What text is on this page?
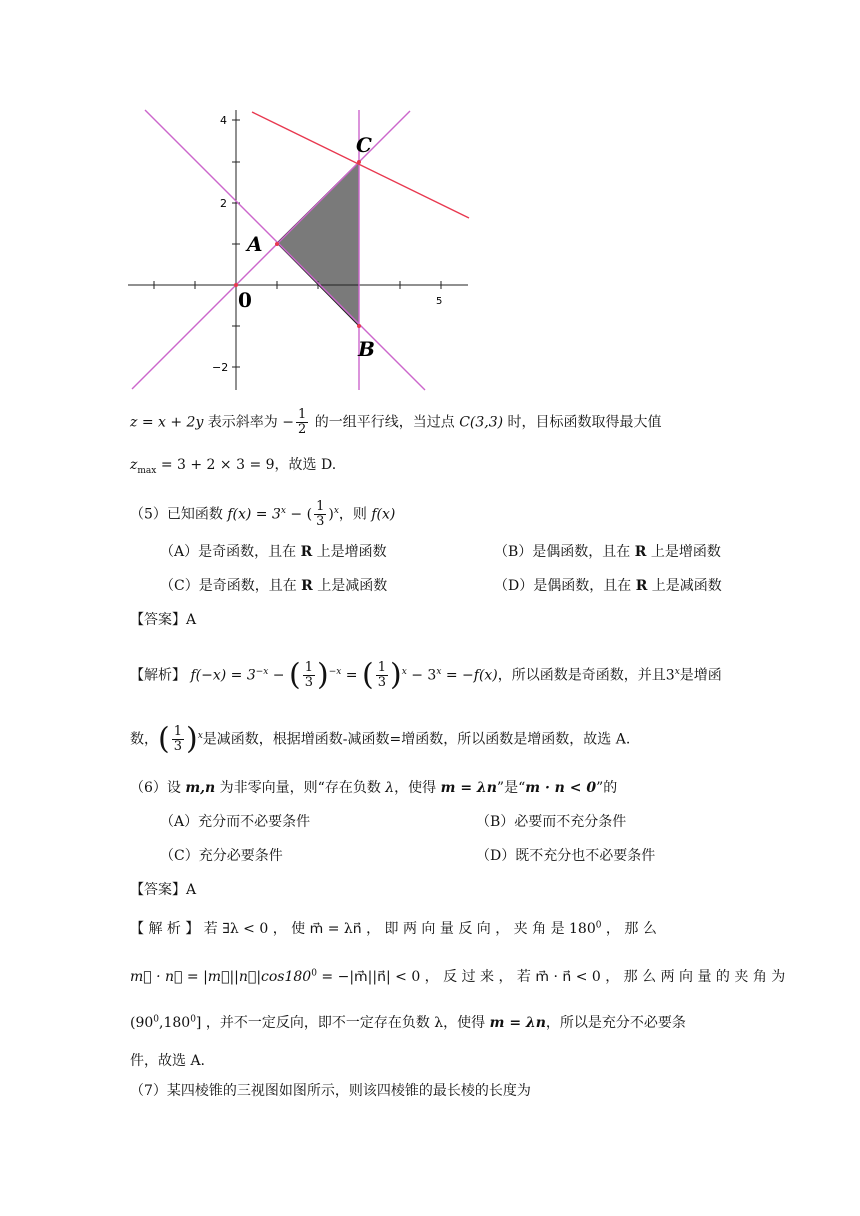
4
2
−2
5
A
C
B
0
z = x + 2y 表示斜率为 − $\frac{1}{2}$ 的一组平行线，当过点 C(3,3) 时，目标函数取得最大值
$z_{max} = 3 + 2 \times 3 = 9$，故选 D.
（5）已知函数 $f(x) = 3^x$ − ( $\frac{1}{3} )^x$，则 f(x)
（A）是奇函数，且在 R 上是增函数	（B）是偶函数，且在 R 上是增函数
（C）是奇函数，且在 R 上是减函数	（D）是偶函数，且在 R 上是减函数
【答案】A
【解析】 $f(-x) = 3^{-x}$ − ( $\frac{1}{3} )^{-x}$ = ( $\frac{1}{3} )^x - 3^x = -f(x)$，所以函数是奇函数，并且3$^x$是增函
数，( $\frac{1}{3} )^x$是减函数，根据增函数-减函数=增函数，所以函数是增函数，故选 A.
（6）设 m,n 为非零向量，则“存在负数 λ，使得 m = λn”是“m · n < 0”的
（A）充分而不必要条件	（B）必要而不充分条件
（C）充分必要条件	（D）既不充分也不必要条件
【答案】A
【 解 析 】 若 ∃λ < 0 ， 使 m⃗ = λn⃗ ， 即 两 向 量 反 向 ， 夹 角 是 $180^0$ ， 那 么
m⃗ · n⃗ = $|m⃗||n⃗|\cos 180^0$ = −|m⃗||n⃗| < 0 ， 反 过 来 ， 若 m⃗ · n⃗ < 0 ， 那 么 两 向 量 的 夹 角 为
$(90^0,180^0]$ ，并不一定反向，即不一定存在负数 λ，使得 m = λn，所以是充分不必要条
件，故选 A.
（7）某四棱锥的三视图如图所示，则该四棱锥的最长棱的长度为
